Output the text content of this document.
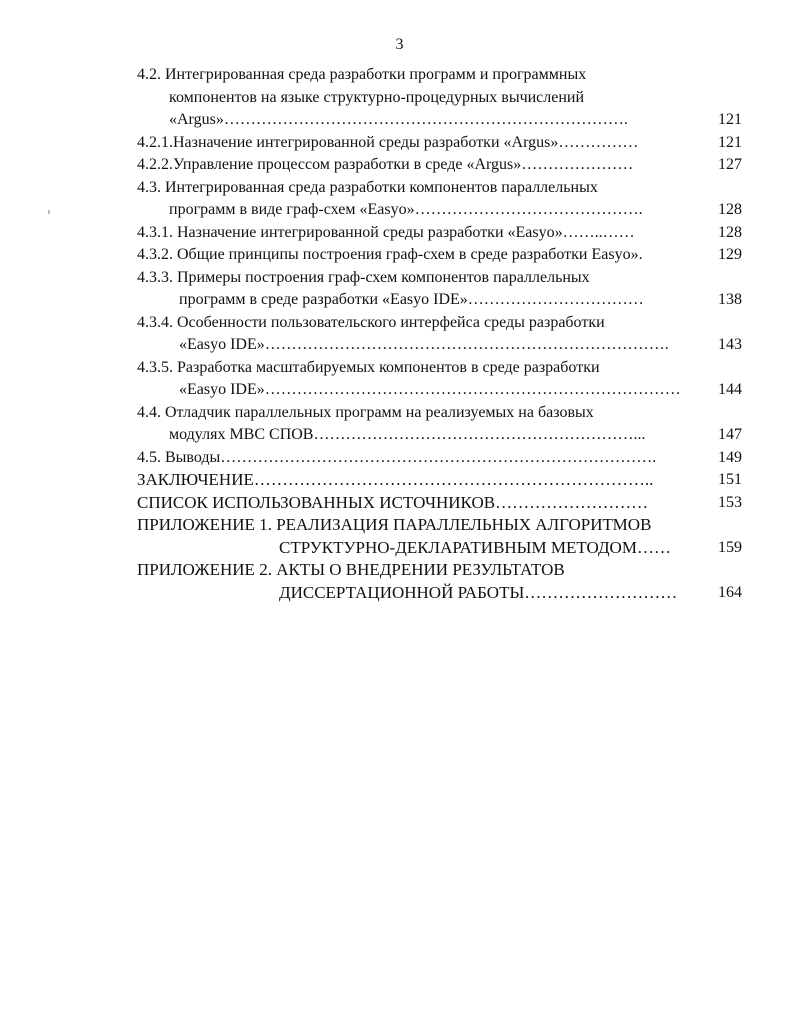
3
4.2. Интегрированная среда разработки программ и программных
компонентов на языке структурно-процедурных вычислений
«Argus»………………………………………………………………….	121
4.2.1.Назначение интегрированной среды разработки «Argus»……………	121
4.2.2.Управление процессом разработки в среде «Argus»…………………	127
4.3. Интегрированная среда разработки компонентов параллельных
программ в виде граф-схем «Easyo»…………………………………….	128
4.3.1. Назначение интегрированной среды разработки «Easyo»……..……	128
4.3.2. Общие принципы построения граф-схем в среде разработки Easyo».	129
4.3.3. Примеры построения граф-схем компонентов параллельных
программ в среде разработки «Easyo IDE»……………………………	138
4.3.4. Особенности пользовательского интерфейса среды разработки
«Easyo IDE»………………………………………………………………….	143
4.3.5. Разработка масштабируемых компонентов в среде разработки
«Easyo IDE»……………………………………………………………………	144
4.4. Отладчик параллельных программ на реализуемых на базовых
модулях МВС СПОВ……………………………………………………...	147
4.5. Выводы……………………………………………………………………….	149
ЗАКЛЮЧЕНИЕ……………………………………………………………..	151
СПИСОК ИСПОЛЬЗОВАННЫХ ИСТОЧНИКОВ………………………	153
ПРИЛОЖЕНИЕ 1. РЕАЛИЗАЦИЯ ПАРАЛЛЕЛЬНЫХ АЛГОРИТМОВ
СТРУКТУРНО-ДЕКЛАРАТИВНЫМ МЕТОДОМ……	159
ПРИЛОЖЕНИЕ 2. АКТЫ О ВНЕДРЕНИИ РЕЗУЛЬТАТОВ
ДИССЕРТАЦИОННОЙ РАБОТЫ………………………	164
